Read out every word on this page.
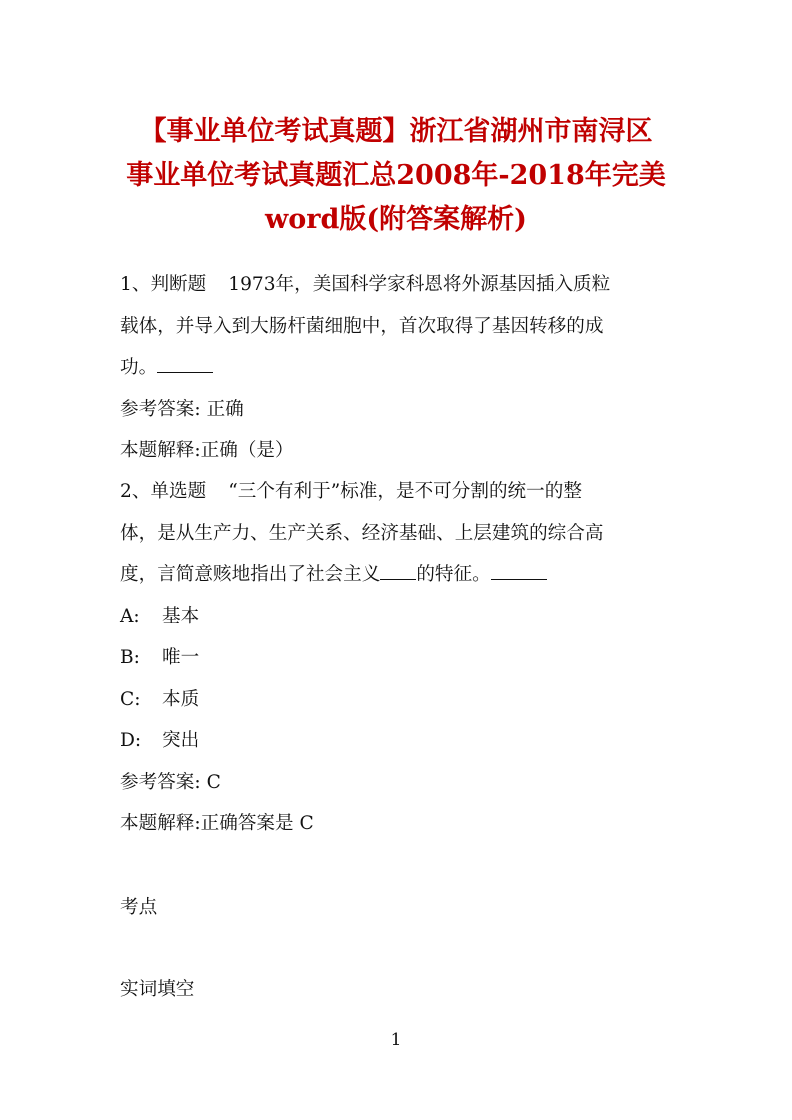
【事业单位考试真题】浙江省湖州市南浔区
事业单位考试真题汇总2008年-2018年完美
word版(附答案解析)
1、判断题 1973年，美国科学家科恩将外源基因插入质粒
载体，并导入到大肠杆菌细胞中，首次取得了基因转移的成
功。
参考答案: 正确
本题解释:正确（是）
2、单选题 “三个有利于”标准，是不可分割的统一的整
体，是从生产力、生产关系、经济基础、上层建筑的综合高
度，言简意赅地指出了社会主义 的特征。
A: 基本
B: 唯一
C: 本质
D: 突出
参考答案: C
本题解释:正确答案是 C
考点
实词填空
1
